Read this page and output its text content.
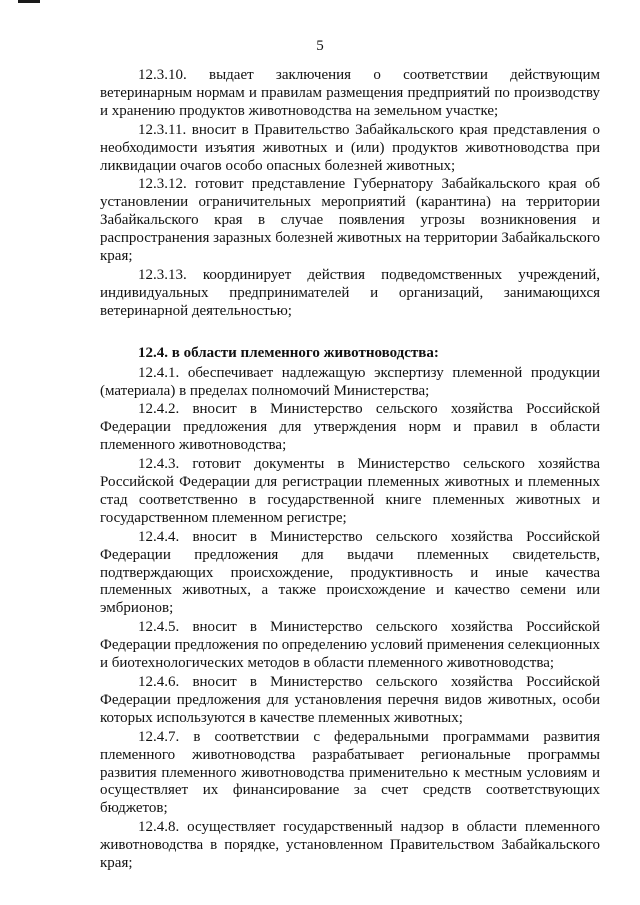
5

12.3.10. выдает заключения о соответствии действующим ветеринарным нормам и правилам размещения предприятий по производству и хранению продуктов животноводства на земельном участке;

12.3.11. вносит в Правительство Забайкальского края представления о необходимости изъятия животных и (или) продуктов животноводства при ликвидации очагов особо опасных болезней животных;

12.3.12. готовит представление Губернатору Забайкальского края об установлении ограничительных мероприятий (карантина) на территории Забайкальского края в случае появления угрозы возникновения и распространения заразных болезней животных на территории Забайкальского края;

12.3.13. координирует действия подведомственных учреждений, индивидуальных предпринимателей и организаций, занимающихся ветеринарной деятельностью;

12.4. в области племенного животноводства:

12.4.1. обеспечивает надлежащую экспертизу племенной продукции (материала) в пределах полномочий Министерства;

12.4.2. вносит в Министерство сельского хозяйства Российской Федерации предложения для утверждения норм и правил в области племенного животноводства;

12.4.3. готовит документы в Министерство сельского хозяйства Российской Федерации для регистрации племенных животных и племенных стад соответственно в государственной книге племенных животных и государственном племенном регистре;

12.4.4. вносит в Министерство сельского хозяйства Российской Федерации предложения для выдачи племенных свидетельств, подтверждающих происхождение, продуктивность и иные качества племенных животных, а также происхождение и качество семени или эмбрионов;

12.4.5. вносит в Министерство сельского хозяйства Российской Федерации предложения по определению условий применения селекционных и биотехнологических методов в области племенного животноводства;

12.4.6. вносит в Министерство сельского хозяйства Российской Федерации предложения для установления перечня видов животных, особи которых используются в качестве племенных животных;

12.4.7. в соответствии с федеральными программами развития племенного животноводства разрабатывает региональные программы развития племенного животноводства применительно к местным условиям и осуществляет их финансирование за счет средств соответствующих бюджетов;

12.4.8. осуществляет государственный надзор в области племенного животноводства в порядке, установленном Правительством Забайкальского края;
